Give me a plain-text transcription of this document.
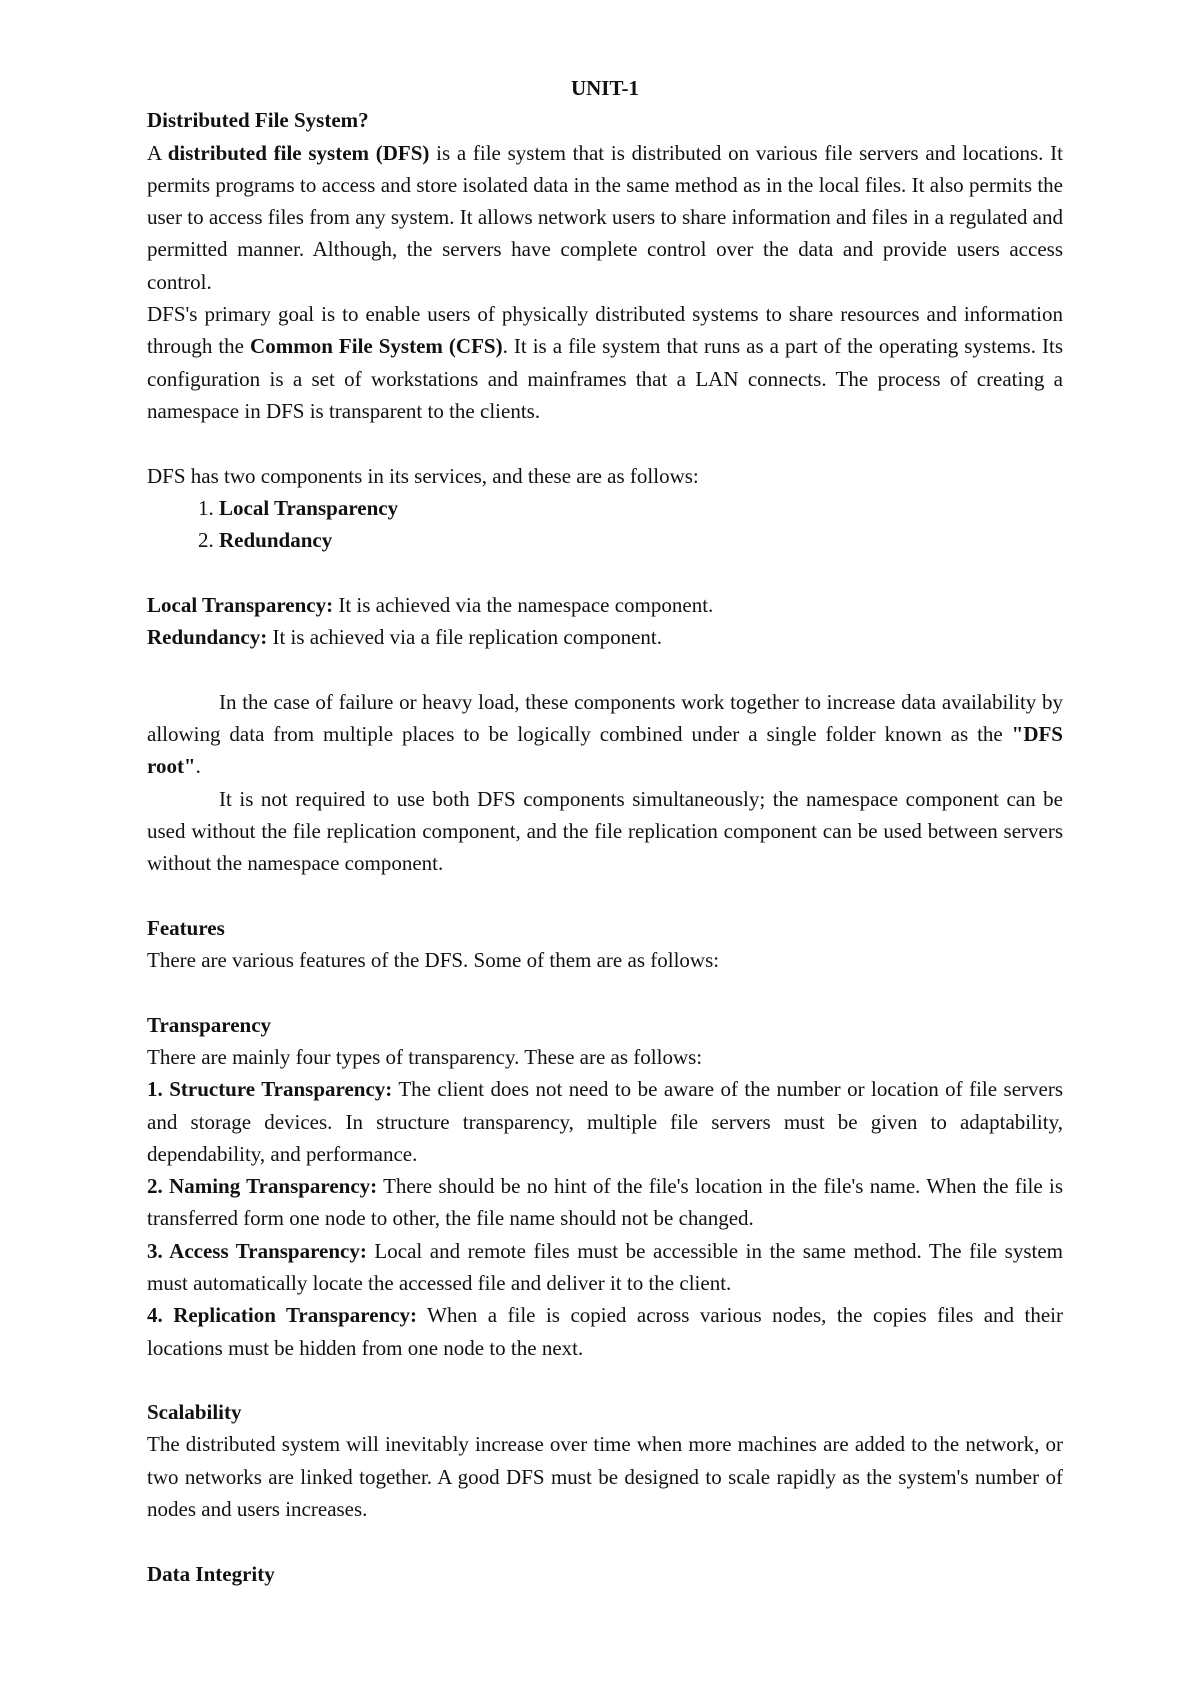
UNIT-1

Distributed File System?

A distributed file system (DFS) is a file system that is distributed on various file servers and locations. It permits programs to access and store isolated data in the same method as in the local files. It also permits the user to access files from any system. It allows network users to share information and files in a regulated and permitted manner. Although, the servers have complete control over the data and provide users access control.

DFS's primary goal is to enable users of physically distributed systems to share resources and information through the Common File System (CFS). It is a file system that runs as a part of the operating systems. Its configuration is a set of workstations and mainframes that a LAN connects. The process of creating a namespace in DFS is transparent to the clients.

DFS has two components in its services, and these are as follows:

1. Local Transparency
2. Redundancy

Local Transparency: It is achieved via the namespace component.

Redundancy: It is achieved via a file replication component.

In the case of failure or heavy load, these components work together to increase data availability by allowing data from multiple places to be logically combined under a single folder known as the "DFS root".

It is not required to use both DFS components simultaneously; the namespace component can be used without the file replication component, and the file replication component can be used between servers without the namespace component.

Features

There are various features of the DFS. Some of them are as follows:

Transparency

There are mainly four types of transparency. These are as follows:

1. Structure Transparency: The client does not need to be aware of the number or location of file servers and storage devices. In structure transparency, multiple file servers must be given to adaptability, dependability, and performance.

2. Naming Transparency: There should be no hint of the file's location in the file's name. When the file is transferred form one node to other, the file name should not be changed.

3. Access Transparency: Local and remote files must be accessible in the same method. The file system must automatically locate the accessed file and deliver it to the client.

4. Replication Transparency: When a file is copied across various nodes, the copies files and their locations must be hidden from one node to the next.

Scalability

The distributed system will inevitably increase over time when more machines are added to the network, or two networks are linked together. A good DFS must be designed to scale rapidly as the system's number of nodes and users increases.

Data Integrity
